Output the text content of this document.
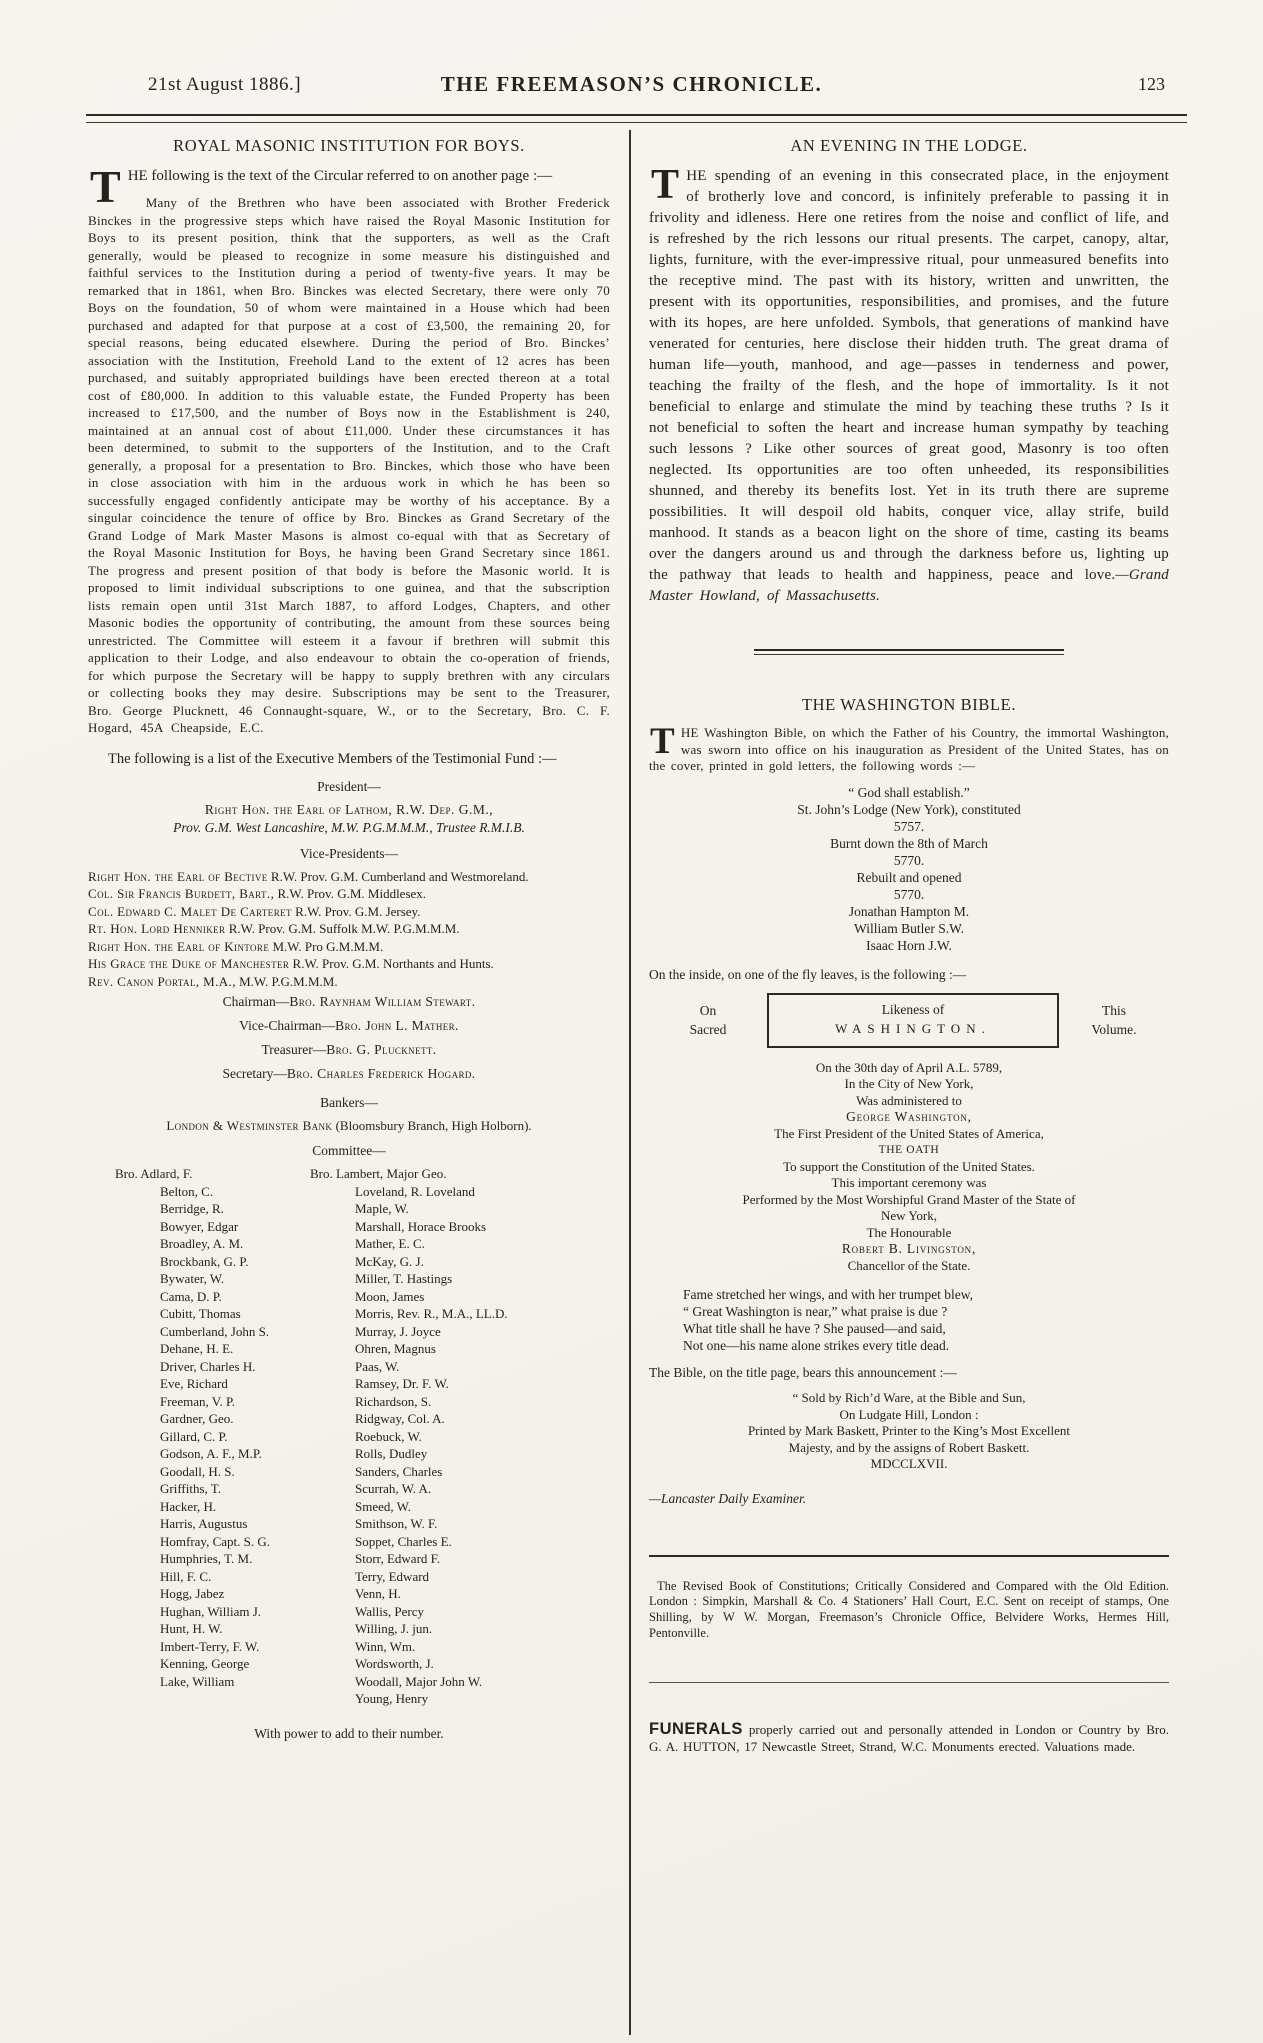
21st August 1886.]	THE FREEMASON’S CHRONICLE.	123
ROYAL MASONIC INSTITUTION FOR BOYS.

THE following is the text of the Circular referred to on another page :—

Many of the Brethren who have been associated with Brother Frederick Binckes in the progressive steps which have raised the Royal Masonic Institution for Boys to its present position, think that the supporters, as well as the Craft generally, would be pleased to recognize in some measure his distinguished and faithful services to the Institution during a period of twenty-five years. It may be remarked that in 1861, when Bro. Binckes was elected Secretary, there were only 70 Boys on the foundation, 50 of whom were maintained in a House which had been purchased and adapted for that purpose at a cost of £3,500, the remaining 20, for special reasons, being educated elsewhere. During the period of Bro. Binckes’ association with the Institution, Freehold Land to the extent of 12 acres has been purchased, and suitably appropriated buildings have been erected thereon at a total cost of £80,000. In addition to this valuable estate, the Funded Property has been increased to £17,500, and the number of Boys now in the Establishment is 240, maintained at an annual cost of about £11,000. Under these circumstances it has been determined, to submit to the supporters of the Institution, and to the Craft generally, a proposal for a presentation to Bro. Binckes, which those who have been in close association with him in the arduous work in which he has been so successfully engaged confidently anticipate may be worthy of his acceptance. By a singular coincidence the tenure of office by Bro. Binckes as Grand Secretary of the Grand Lodge of Mark Master Masons is almost co-equal with that as Secretary of the Royal Masonic Institution for Boys, he having been Grand Secretary since 1861. The progress and present position of that body is before the Masonic world. It is proposed to limit individual subscriptions to one guinea, and that the subscription lists remain open until 31st March 1887, to afford Lodges, Chapters, and other Masonic bodies the opportunity of contributing, the amount from these sources being unrestricted. The Committee will esteem it a favour if brethren will submit this application to their Lodge, and also endeavour to obtain the co-operation of friends, for which purpose the Secretary will be happy to supply brethren with any circulars or collecting books they may desire. Subscriptions may be sent to the Treasurer, Bro. George Plucknett, 46 Connaught-square, W., or to the Secretary, Bro. C. F. Hogard, 45A Cheapside, E.C.

The following is a list of the Executive Members of the Testimonial Fund :—

President—
Right Hon. the Earl of Lathom, R.W. Dep. G.M.,
Prov. G.M. West Lancashire, M.W. P.G.M.M.M., Trustee R.M.I.B.
Vice-Presidents—
Right Hon. the Earl of Bective R.W. Prov. G.M. Cumberland and Westmoreland.
Col. Sir Francis Burdett, Bart., R.W. Prov. G.M. Middlesex.
Col. Edward C. Malet De Carteret R.W. Prov. G.M. Jersey.
Rt. Hon. Lord Henniker R.W. Prov. G.M. Suffolk M.W. P.G.M.M.M.
Right Hon. the Earl of Kintore M.W. Pro G.M.M.M.
His Grace the Duke of Manchester R.W. Prov. G.M. Northants and Hunts.
Rev. Canon Portal, M.A., M.W. P.G.M.M.M.
Chairman—Bro. Raynham William Stewart.
Vice-Chairman—Bro. John L. Mather.
Treasurer—Bro. G. Plucknett.
Secretary—Bro. Charles Frederick Hogard.
Bankers—
London & Westminster Bank (Bloomsbury Branch, High Holborn).
Committee—
Bro. Adlard, F.
Belton, C.
Berridge, R.
Bowyer, Edgar
Broadley, A. M.
Brockbank, G. P.
Bywater, W.
Cama, D. P.
Cubitt, Thomas
Cumberland, John S.
Dehane, H. E.
Driver, Charles H.
Eve, Richard
Freeman, V. P.
Gardner, Geo.
Gillard, C. P.
Godson, A. F., M.P.
Goodall, H. S.
Griffiths, T.
Hacker, H.
Harris, Augustus
Homfray, Capt. S. G.
Humphries, T. M.
Hill, F. C.
Hogg, Jabez
Hughan, William J.
Hunt, H. W.
Imbert-Terry, F. W.
Kenning, George
Lake, William
Bro. Lambert, Major Geo.
Loveland, R. Loveland
Maple, W.
Marshall, Horace Brooks
Mather, E. C.
McKay, G. J.
Miller, T. Hastings
Moon, James
Morris, Rev. R., M.A., LL.D.
Murray, J. Joyce
Ohren, Magnus
Paas, W.
Ramsey, Dr. F. W.
Richardson, S.
Ridgway, Col. A.
Roebuck, W.
Rolls, Dudley
Sanders, Charles
Scurrah, W. A.
Smeed, W.
Smithson, W. F.
Soppet, Charles E.
Storr, Edward F.
Terry, Edward
Venn, H.
Wallis, Percy
Willing, J. jun.
Winn, Wm.
Wordsworth, J.
Woodall, Major John W.
Young, Henry
With power to add to their number.
AN EVENING IN THE LODGE.

THE spending of an evening in this consecrated place, in the enjoyment of brotherly love and concord, is infinitely preferable to passing it in frivolity and idleness. Here one retires from the noise and conflict of life, and is refreshed by the rich lessons our ritual presents. The carpet, canopy, altar, lights, furniture, with the ever-impressive ritual, pour unmeasured benefits into the receptive mind. The past with its history, written and unwritten, the present with its opportunities, responsibilities, and promises, and the future with its hopes, are here unfolded. Symbols, that generations of mankind have venerated for centuries, here disclose their hidden truth. The great drama of human life—youth, manhood, and age—passes in tenderness and power, teaching the frailty of the flesh, and the hope of immortality. Is it not beneficial to enlarge and stimulate the mind by teaching these truths ? Is it not beneficial to soften the heart and increase human sympathy by teaching such lessons ? Like other sources of great good, Masonry is too often neglected. Its opportunities are too often unheeded, its responsibilities shunned, and thereby its benefits lost. Yet in its truth there are supreme possibilities. It will despoil old habits, conquer vice, allay strife, build manhood. It stands as a beacon light on the shore of time, casting its beams over the dangers around us and through the darkness before us, lighting up the pathway that leads to health and happiness, peace and love.—Grand Master Howland, of Massachusetts.

THE WASHINGTON BIBLE.

THE Washington Bible, on which the Father of his Country, the immortal Washington, was sworn into office on his inauguration as President of the United States, has on the cover, printed in gold letters, the following words :—

“ God shall establish.”
St. John’s Lodge (New York), constituted
5757.
Burnt down the 8th of March
5770.
Rebuilt and opened
5770.
Jonathan Hampton M.
William Butler S.W.
Isaac Horn J.W.

On the inside, on one of the fly leaves, is the following :—

On
Sacred
Likeness of
WASHINGTON.
This
Volume.
On the 30th day of April A.L. 5789,
In the City of New York,
Was administered to
George Washington,
The First President of the United States of America,
THE OATH
To support the Constitution of the United States.
This important ceremony was
Performed by the Most Worshipful Grand Master of the State of
New York,
The Honourable
Robert B. Livingston,
Chancellor of the State.
Fame stretched her wings, and with her trumpet blew,
“ Great Washington is near,” what praise is due ?
What title shall he have ? She paused—and said,
Not one—his name alone strikes every title dead.

The Bible, on the title page, bears this announcement :—

“ Sold by Rich’d Ware, at the Bible and Sun,
On Ludgate Hill, London :
Printed by Mark Baskett, Printer to the King’s Most Excellent
Majesty, and by the assigns of Robert Baskett.
MDCCLXVII.

—Lancaster Daily Examiner.

The Revised Book of Constitutions; Critically Considered and Compared with the Old Edition. London : Simpkin, Marshall & Co. 4 Stationers’ Hall Court, E.C. Sent on receipt of stamps, One Shilling, by W W. Morgan, Freemason’s Chronicle Office, Belvidere Works, Hermes Hill, Pentonville.

FUNERALS properly carried out and personally attended in London or Country by Bro. G. A. HUTTON, 17 Newcastle Street, Strand, W.C. Monuments erected. Valuations made.
